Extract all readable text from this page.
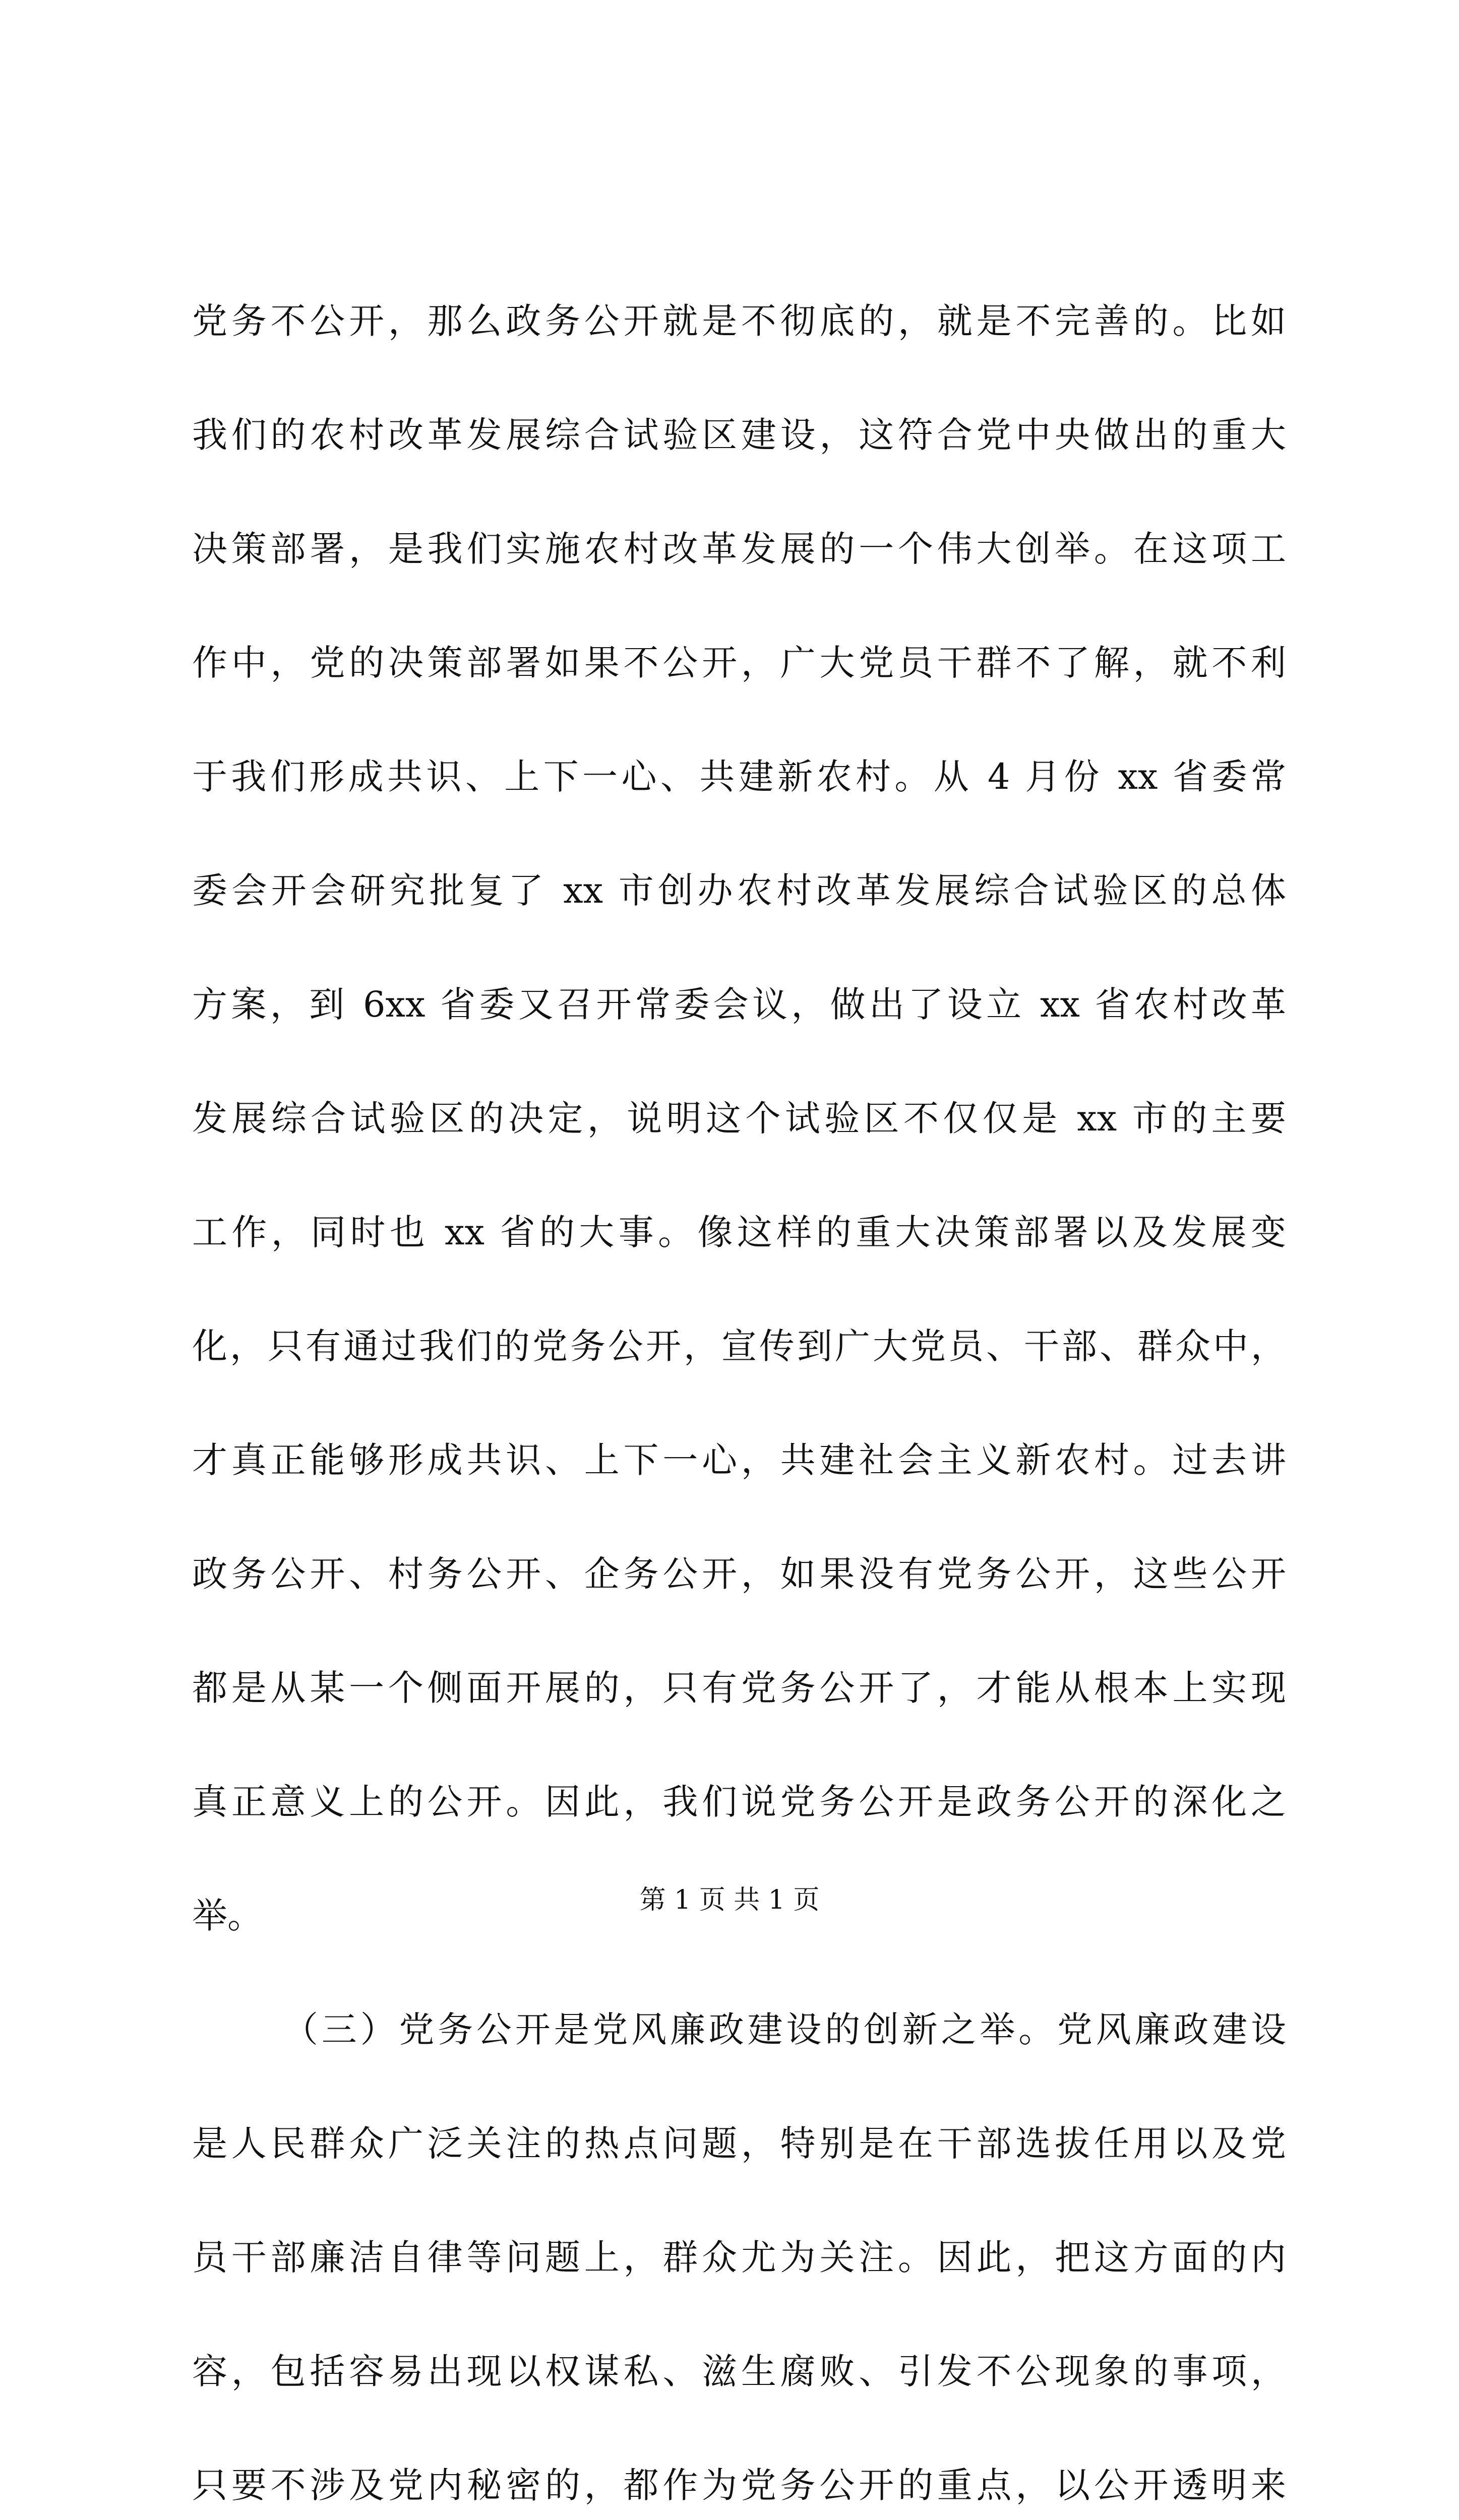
党务不公开，那么政务公开就是不彻底的，就是不完善的。比如
我们的农村改革发展综合试验区建设，这符合党中央做出的重大
决策部署，是我们实施农村改革发展的一个伟大创举。在这项工
作中，党的决策部署如果不公开，广大党员干群不了解，就不利
于我们形成共识、上下一心、共建新农村。从 4 月份 xx 省委常
委会开会研究批复了 xx 市创办农村改革发展综合试验区的总体
方案，到 6xx 省委又召开常委会议，做出了设立 xx 省农村改革
发展综合试验区的决定，说明这个试验区不仅仅是 xx 市的主要
工作，同时也 xx 省的大事。像这样的重大决策部署以及发展变
化，只有通过我们的党务公开，宣传到广大党员、干部、群众中，
才真正能够形成共识、上下一心，共建社会主义新农村。过去讲
政务公开、村务公开、企务公开，如果没有党务公开，这些公开
都是从某一个侧面开展的，只有党务公开了，才能从根本上实现
真正意义上的公开。因此，我们说党务公开是政务公开的深化之
举。
（三）党务公开是党风廉政建设的创新之举。党风廉政建设
是人民群众广泛关注的热点问题，特别是在干部选拔任用以及党
员干部廉洁自律等问题上，群众尤为关注。因此，把这方面的内
容，包括容易出现以权谋私、滋生腐败、引发不公现象的事项，
只要不涉及党内秘密的，都作为党务公开的重点，以公开透明来
第 1 页 共 1 页
